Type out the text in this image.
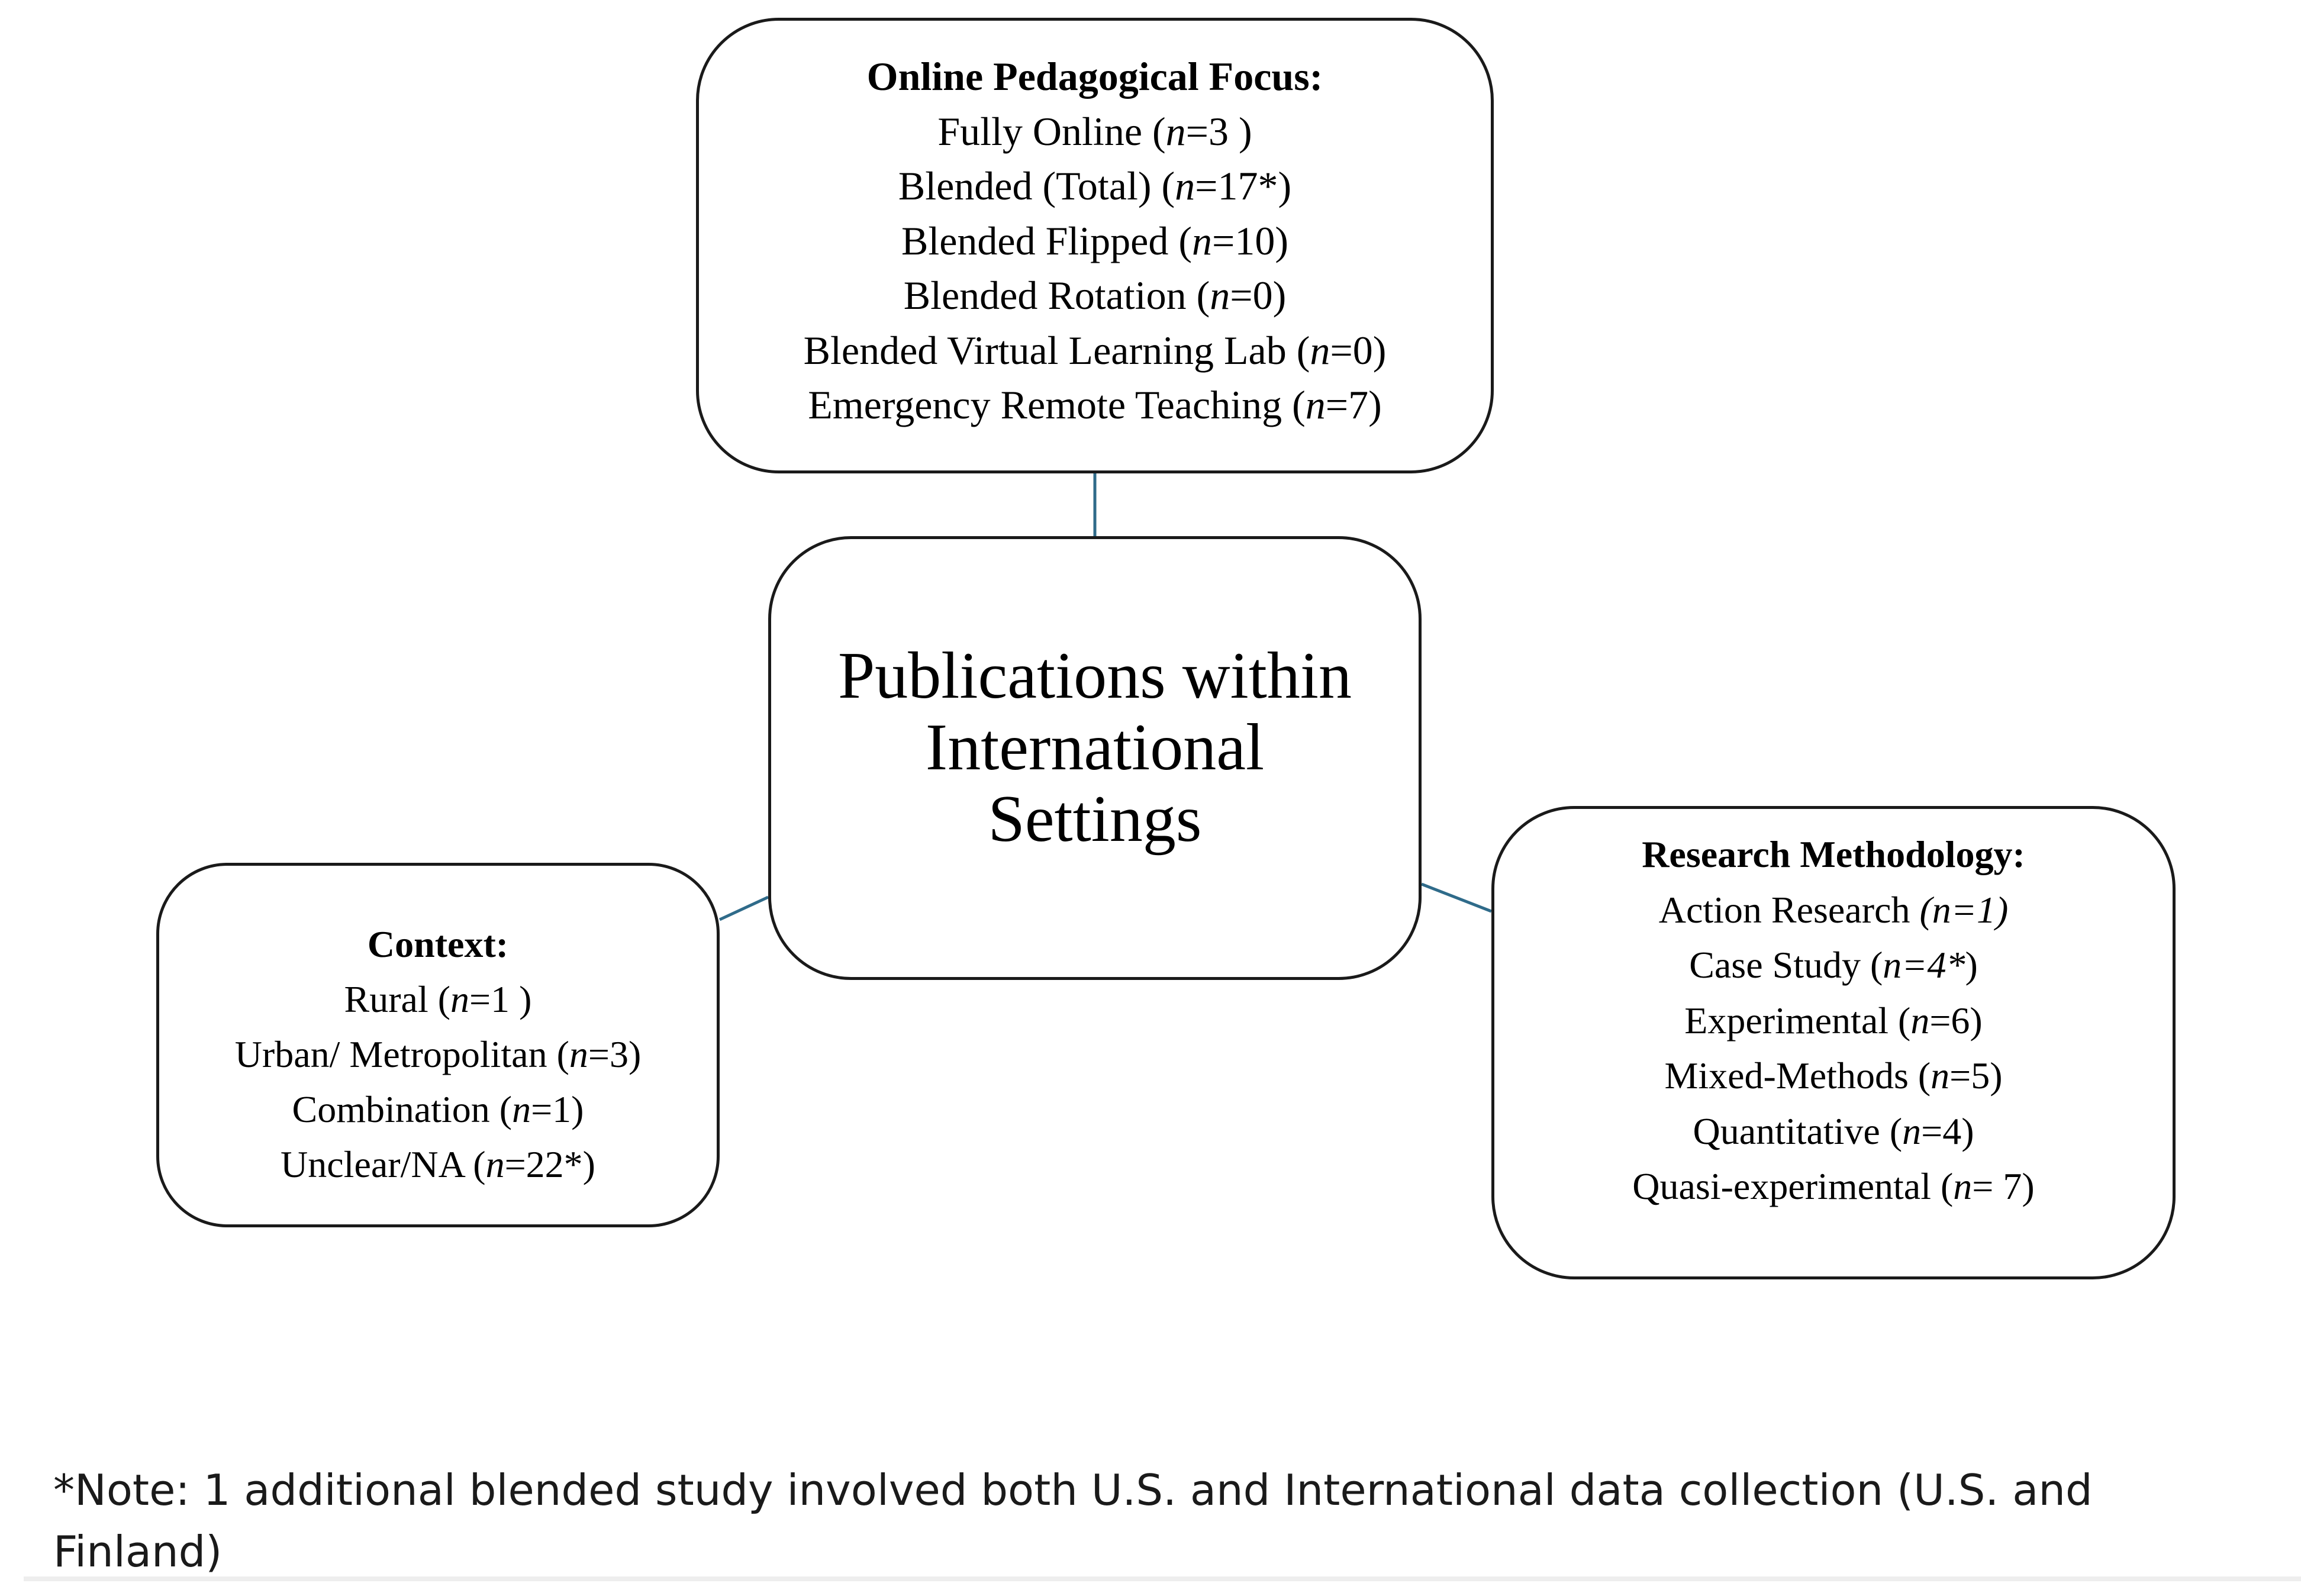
Online Pedagogical Focus:
Fully Online (n=3 )
Blended (Total) (n=17*)
Blended Flipped (n=10)
Blended Rotation (n=0)
Blended Virtual Learning Lab (n=0)
Emergency Remote Teaching (n=7)
Publications within
International
Settings
Context:
Rural (n=1 )
Urban/ Metropolitan (n=3)
Combination (n=1)
Unclear/NA (n=22*)
Research Methodology:
Action Research (n=1)
Case Study (n=4*)
Experimental (n=6)
Mixed-Methods (n=5)
Quantitative (n=4)
Quasi-experimental (n= 7)
*Note: 1 additional blended study involved both U.S. and International data collection (U.S. and Finland)
